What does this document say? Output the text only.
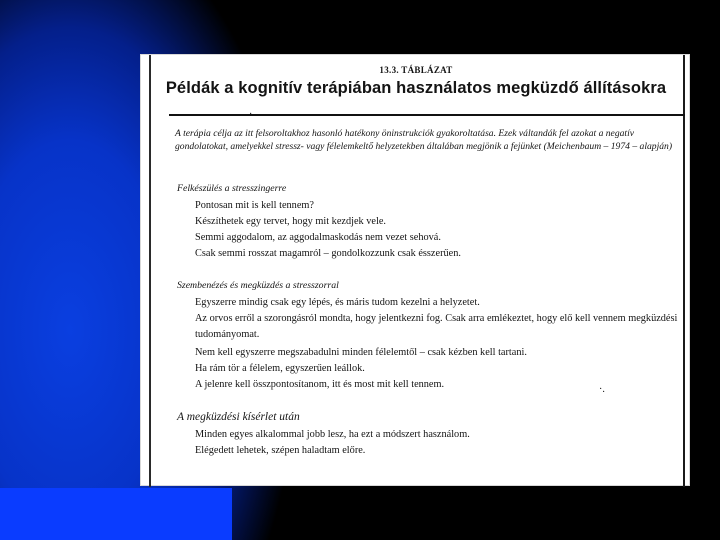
13.3. TÁBLÁZAT
Példák a kognitív terápiában használatos megküzdő állításokra
·
A terápia célja az itt felsoroltakhoz hasonló hatékony öninstrukciók gyakoroltatása. Ezek váltandák fel azokat a negatív gondolatokat, amelyekkel stressz- vagy félelemkeltő helyzetekben általában megjönik a fejünket (Meichenbaum – 1974 – alapján)
Felkészülés a stresszingerre
Pontosan mit is kell tennem?
Készíthetek egy tervet, hogy mit kezdjek vele.
Semmi aggodalom, az aggodalmaskodás nem vezet sehová.
Csak semmi rosszat magamról – gondolkozzunk csak ésszerűen.
Szembenézés és megküzdés a stresszorral
Egyszerre mindig csak egy lépés, és máris tudom kezelni a helyzetet.
Az orvos erről a szorongásról mondta, hogy jelentkezni fog. Csak arra emlékeztet, hogy elő kell vennem megküzdési tudományomat.
Nem kell egyszerre megszabadulni minden félelemtől – csak kézben kell tartani.
Ha rám tör a félelem, egyszerűen leállok.
A jelenre kell összpontosítanom, itt és most mit kell tennem.	·.
A megküzdési kísérlet után
Minden egyes alkalommal jobb lesz, ha ezt a módszert használom.
Elégedett lehetek, szépen haladtam előre.
